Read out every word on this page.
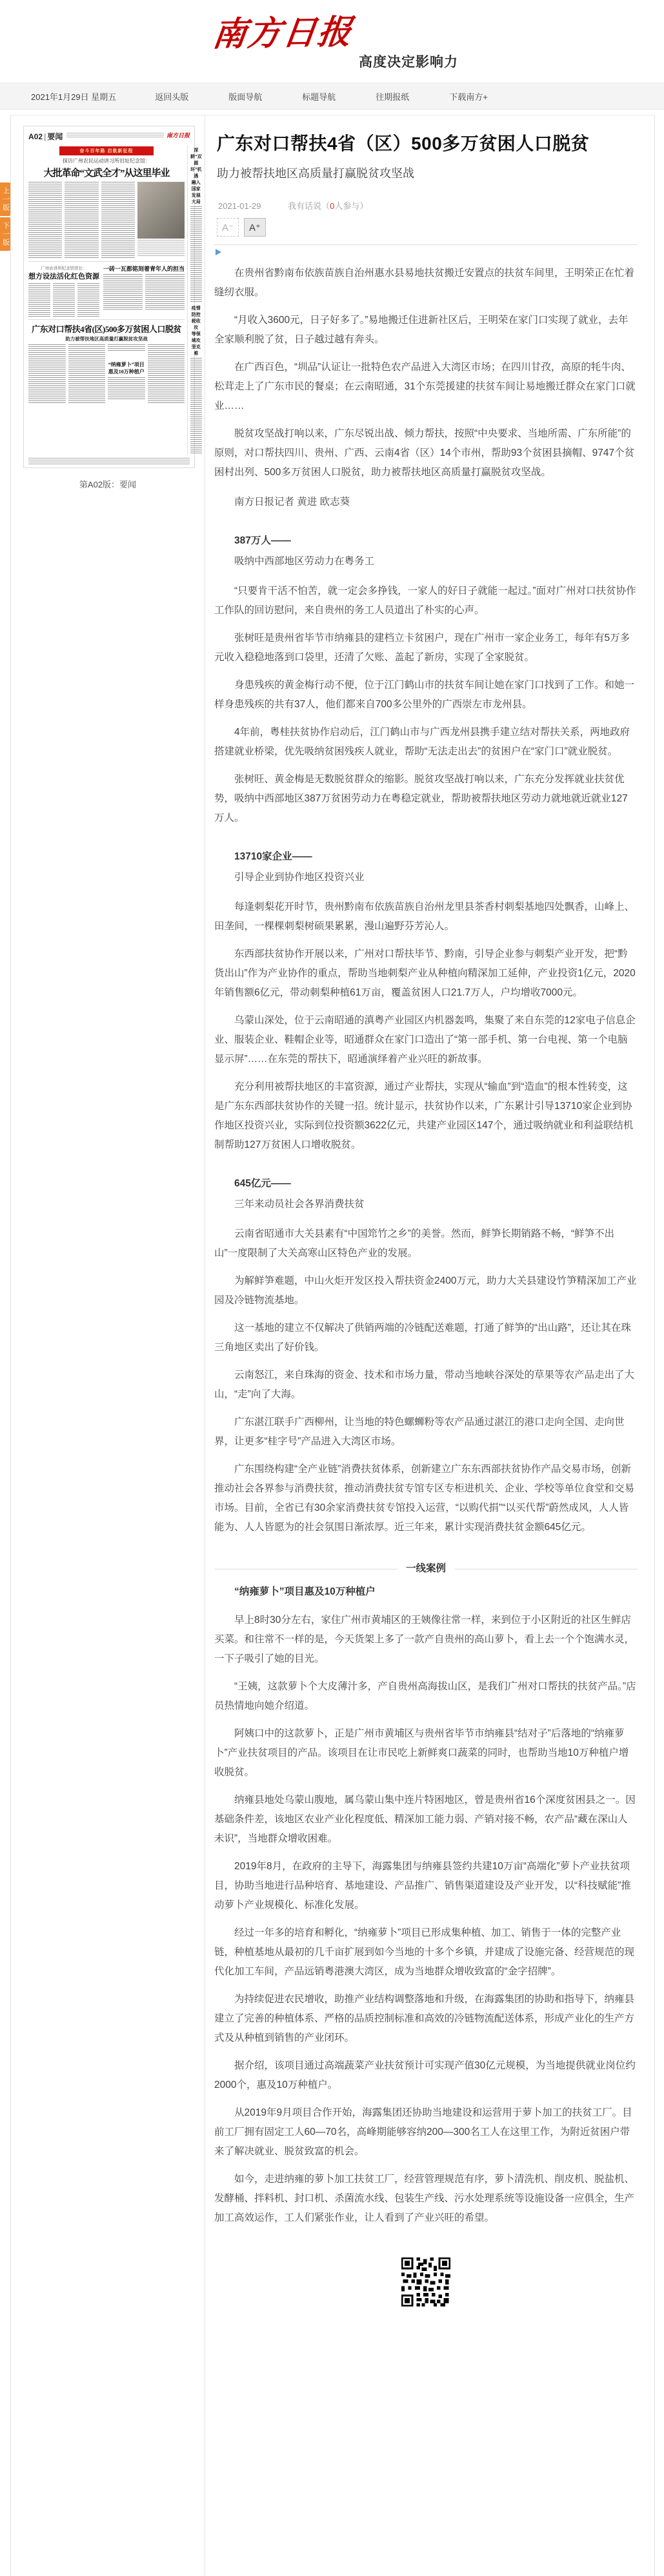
南方日报
高度决定影响力
2021年1月29日 星期五	返回头版	版面导航	标题导航	往期报纸	下载南方+
上一版
下一版
A02 | 要闻	南方日报
奋斗百年路 启航新征程
探访广州农民运动讲习所旧址纪念馆：
大批革命“文武全才”从这里毕业
广州农讲所纪念馆馆长：
想方设法活化红色资源
一砖一瓦都铭刻着青年人的担当
广东对口帮扶4省(区)500多万贫困人口脱贫
助力被帮扶地区高质量打赢脱贫攻坚战
“纳雍萝卜”项目惠及10万种植户
深耕“双循环”机遇
融入国家发展大局
疫情防控税收攻
等领域攻坚克难
第A02版：要闻
广东对口帮扶4省（区）500多万贫困人口脱贫
助力被帮扶地区高质量打赢脱贫攻坚战
2021-01-29	我有话说（0人参与）
A⁻	A⁺
在贵州省黔南布依族苗族自治州惠水县易地扶贫搬迁安置点的扶贫车间里，王明荣正在忙着缝纫衣服。
“月收入3600元，日子好多了。”易地搬迁住进新社区后，王明荣在家门口实现了就业，去年全家顺利脱了贫，日子越过越有奔头。
在广西百色，“圳品”认证让一批特色农产品进入大湾区市场；在四川甘孜，高原的牦牛肉、松茸走上了广东市民的餐桌；在云南昭通，31个东莞援建的扶贫车间让易地搬迁群众在家门口就业……
脱贫攻坚战打响以来，广东尽锐出战、倾力帮扶，按照“中央要求、当地所需、广东所能”的原则，对口帮扶四川、贵州、广西、云南4省（区）14个市州，帮助93个贫困县摘帽、9747个贫困村出列、500多万贫困人口脱贫，助力被帮扶地区高质量打赢脱贫攻坚战。
南方日报记者 黄进 欧志葵
387万人——
吸纳中西部地区劳动力在粤务工
“只要肯干活不怕苦，就一定会多挣钱，一家人的好日子就能一起过。”面对广州对口扶贫协作工作队的回访慰问，来自贵州的务工人员道出了朴实的心声。
张树旺是贵州省毕节市纳雍县的建档立卡贫困户，现在广州市一家企业务工，每年有5万多元收入稳稳地落到口袋里，还清了欠账、盖起了新房，实现了全家脱贫。
身患残疾的黄金梅行动不便，位于江门鹤山市的扶贫车间让她在家门口找到了工作。和她一样身患残疾的共有37人，他们都来自700多公里外的广西崇左市龙州县。
4年前，粤桂扶贫协作启动后，江门鹤山市与广西龙州县携手建立结对帮扶关系，两地政府搭建就业桥梁，优先吸纳贫困残疾人就业，帮助“无法走出去”的贫困户在“家门口”就业脱贫。
张树旺、黄金梅是无数脱贫群众的缩影。脱贫攻坚战打响以来，广东充分发挥就业扶贫优势，吸纳中西部地区387万贫困劳动力在粤稳定就业，帮助被帮扶地区劳动力就地就近就业127万人。
13710家企业——
引导企业到协作地区投资兴业
每逢刺梨花开时节，贵州黔南布依族苗族自治州龙里县茶香村刺梨基地四处飘香，山峰上、田垄间，一棵棵刺梨树硕果累累，漫山遍野芬芳沁人。
东西部扶贫协作开展以来，广州对口帮扶毕节、黔南，引导企业参与刺梨产业开发，把“黔货出山”作为产业协作的重点，帮助当地刺梨产业从种植向精深加工延伸，产业投资1亿元，2020年销售额6亿元，带动刺梨种植61万亩，覆盖贫困人口21.7万人，户均增收7000元。
乌蒙山深处，位于云南昭通的滇粤产业园区内机器轰鸣，集聚了来自东莞的12家电子信息企业、服装企业、鞋帽企业等，昭通群众在家门口造出了“第一部手机、第一台电视、第一个电脑显示屏”……在东莞的帮扶下，昭通演绎着产业兴旺的新故事。
充分利用被帮扶地区的丰富资源，通过产业帮扶，实现从“输血”到“造血”的根本性转变，这是广东东西部扶贫协作的关键一招。统计显示，扶贫协作以来，广东累计引导13710家企业到协作地区投资兴业，实际到位投资额3622亿元，共建产业园区147个，通过吸纳就业和利益联结机制帮助127万贫困人口增收脱贫。
645亿元——
三年来动员社会各界消费扶贫
云南省昭通市大关县素有“中国筇竹之乡”的美誉。然而，鲜笋长期销路不畅，“鲜笋不出山”一度限制了大关高寒山区特色产业的发展。
为解鲜笋难题，中山火炬开发区投入帮扶资金2400万元，助力大关县建设竹笋精深加工产业园及冷链物流基地。
这一基地的建立不仅解决了供销两端的冷链配送难题，打通了鲜笋的“出山路”，还让其在珠三角地区卖出了好价钱。
云南怒江，来自珠海的资金、技术和市场力量，带动当地峡谷深处的草果等农产品走出了大山，“走”向了大海。
广东湛江联手广西柳州，让当地的特色螺蛳粉等农产品通过湛江的港口走向全国、走向世界，让更多“桂字号”产品进入大湾区市场。
广东围绕构建“全产业链”消费扶贫体系，创新建立广东东西部扶贫协作产品交易市场，创新推动社会各界参与消费扶贫，推动消费扶贫专馆专区专柜进机关、企业、学校等单位食堂和交易市场。目前，全省已有30余家消费扶贫专馆投入运营，“以购代捐”“以买代帮”蔚然成风，人人皆能为、人人皆愿为的社会氛围日渐浓厚。近三年来，累计实现消费扶贫金额645亿元。
一线案例
“纳雍萝卜”项目惠及10万种植户
早上8时30分左右，家住广州市黄埔区的王姨像往常一样，来到位于小区附近的社区生鲜店买菜。和往常不一样的是，今天货架上多了一款产自贵州的高山萝卜，看上去一个个饱满水灵，一下子吸引了她的目光。
“王姨，这款萝卜个大皮薄汁多，产自贵州高海拔山区，是我们广州对口帮扶的扶贫产品。”店员热情地向她介绍道。
阿姨口中的这款萝卜，正是广州市黄埔区与贵州省毕节市纳雍县“结对子”后落地的“纳雍萝卜”产业扶贫项目的产品。该项目在让市民吃上新鲜爽口蔬菜的同时，也帮助当地10万种植户增收脱贫。
纳雍县地处乌蒙山腹地，属乌蒙山集中连片特困地区，曾是贵州省16个深度贫困县之一。因基础条件差，该地区农业产业化程度低、精深加工能力弱、产销对接不畅，农产品“藏在深山人未识”，当地群众增收困难。
2019年8月，在政府的主导下，海露集团与纳雍县签约共建10万亩“高端化”萝卜产业扶贫项目，协助当地进行品种培育、基地建设、产品推广、销售渠道建设及产业开发，以“科技赋能”推动萝卜产业规模化、标准化发展。
经过一年多的培育和孵化，“纳雍萝卜”项目已形成集种植、加工、销售于一体的完整产业链，种植基地从最初的几千亩扩展到如今当地的十多个乡镇，并建成了设施完备、经营规范的现代化加工车间，产品远销粤港澳大湾区，成为当地群众增收致富的“金字招牌”。
为持续促进农民增收，助推产业结构调整落地和升级，在海露集团的协助和指导下，纳雍县建立了完善的种植体系、严格的品质控制标准和高效的冷链物流配送体系，形成产业化的生产方式及从种植到销售的产业闭环。
据介绍，该项目通过高端蔬菜产业扶贫预计可实现产值30亿元规模，为当地提供就业岗位约2000个，惠及10万种植户。
从2019年9月项目合作开始，海露集团还协助当地建设和运营用于萝卜加工的扶贫工厂。目前工厂拥有固定工人60—70名，高峰期能够容纳200—300名工人在这里工作，为附近贫困户带来了解决就业、脱贫致富的机会。
如今，走进纳雍的萝卜加工扶贫工厂，经营管理规范有序，萝卜清洗机、削皮机、脱盐机、发酵桶、拌料机、封口机、杀菌流水线、包装生产线、污水处理系统等设施设备一应俱全，生产加工高效运作，工人们紧张作业，让人看到了产业兴旺的希望。
